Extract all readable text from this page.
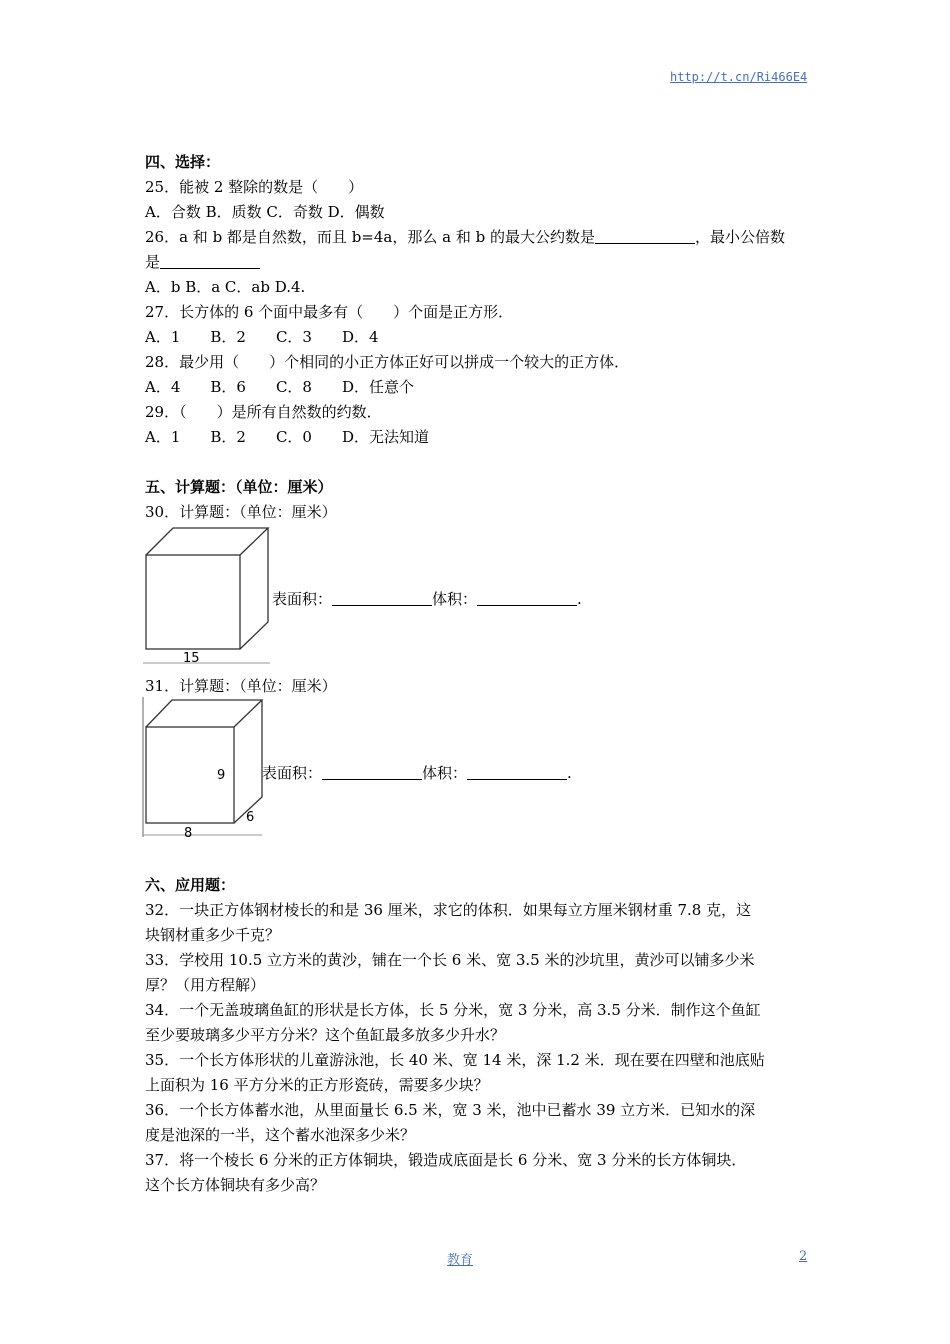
http://t.cn/Ri466E4
四、选择：
25．能被 2 整除的数是（　　）
A．合数 B．质数 C．奇数 D．偶数
26．a 和 b 都是自然数，而且 b=4a，那么 a 和 b 的最大公约数是	，最小公倍数
是
A．b B．a C．ab D.4.
27．长方体的 6 个面中最多有（　　）个面是正方形．
A．1　　B．2　　C．3　　D．4
28．最少用（　　）个相同的小正方体正好可以拼成一个较大的正方体．
A．4　　B．6　　C．8　　D．任意个
29．（　　）是所有自然数的约数．
A．1　　B．2　　C．0　　D．无法知道
五、计算题：（单位：厘米）
30．计算题：（单位：厘米）
15
表面积：	体积：	.
31．计算题：（单位：厘米）
9
6
8
表面积：	体积：	.
六、应用题：
32．一块正方体钢材棱长的和是 36 厘米，求它的体积．如果每立方厘米钢材重 7.8 克，这
块钢材重多少千克？
33．学校用 10.5 立方米的黄沙，铺在一个长 6 米、宽 3.5 米的沙坑里，黄沙可以铺多少米
厚？（用方程解）
34．一个无盖玻璃鱼缸的形状是长方体，长 5 分米，宽 3 分米，高 3.5 分米．制作这个鱼缸
至少要玻璃多少平方分米？这个鱼缸最多放多少升水？
35．一个长方体形状的儿童游泳池，长 40 米、宽 14 米，深 1.2 米．现在要在四壁和池底贴
上面积为 16 平方分米的正方形瓷砖，需要多少块？
36．一个长方体蓄水池，从里面量长 6.5 米，宽 3 米，池中已蓄水 39 立方米．已知水的深
度是池深的一半，这个蓄水池深多少米？
37．将一个棱长 6 分米的正方体铜块，锻造成底面是长 6 分米、宽 3 分米的长方体铜块．
这个长方体铜块有多少高？
教育	2
